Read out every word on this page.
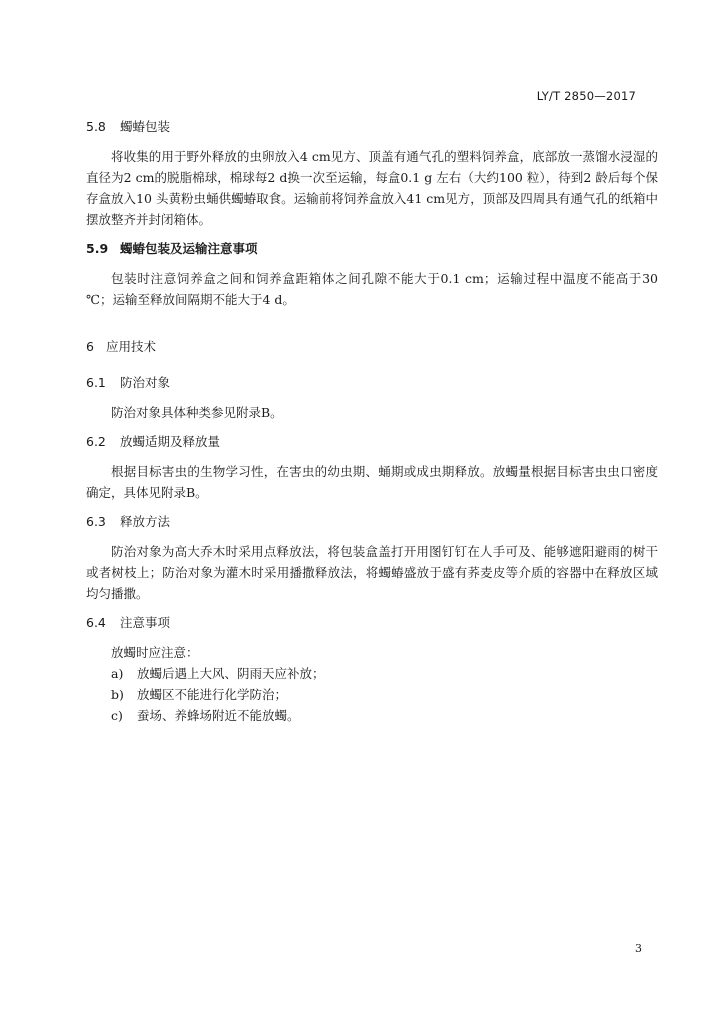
LY/T 2850—2017
5.8 蠋蝽包装

将收集的用于野外释放的虫卵放入4 cm见方、顶盖有通气孔的塑料饲养盒，底部放一蒸馏水浸湿的直径为2 cm的脱脂棉球，棉球每2 d换一次至运输，每盒0.1 g 左右（大约100 粒），待到2 龄后每个保存盒放入10 头黄粉虫蛹供蠋蝽取食。运输前将饲养盒放入41 cm见方，顶部及四周具有通气孔的纸箱中摆放整齐并封闭箱体。

5.9 蠋蝽包装及运输注意事项

包装时注意饲养盒之间和饲养盒距箱体之间孔隙不能大于0.1 cm；运输过程中温度不能高于30 ℃；运输至释放间隔期不能大于4 d。

6 应用技术
6.1 防治对象

防治对象具体种类参见附录B。

6.2 放蠋适期及释放量

根据目标害虫的生物学习性，在害虫的幼虫期、蛹期或成虫期释放。放蠋量根据目标害虫虫口密度确定，具体见附录B。

6.3 释放方法

防治对象为高大乔木时采用点释放法，将包装盒盖打开用图钉钉在人手可及、能够遮阳避雨的树干或者树枝上；防治对象为灌木时采用播撒释放法，将蠋蝽盛放于盛有荞麦皮等介质的容器中在释放区域均匀播撒。

6.4 注意事项

放蠋时应注意：

a) 放蠋后遇上大风、阴雨天应补放；
b) 放蠋区不能进行化学防治；
c) 蚕场、养蜂场附近不能放蠋。
3
